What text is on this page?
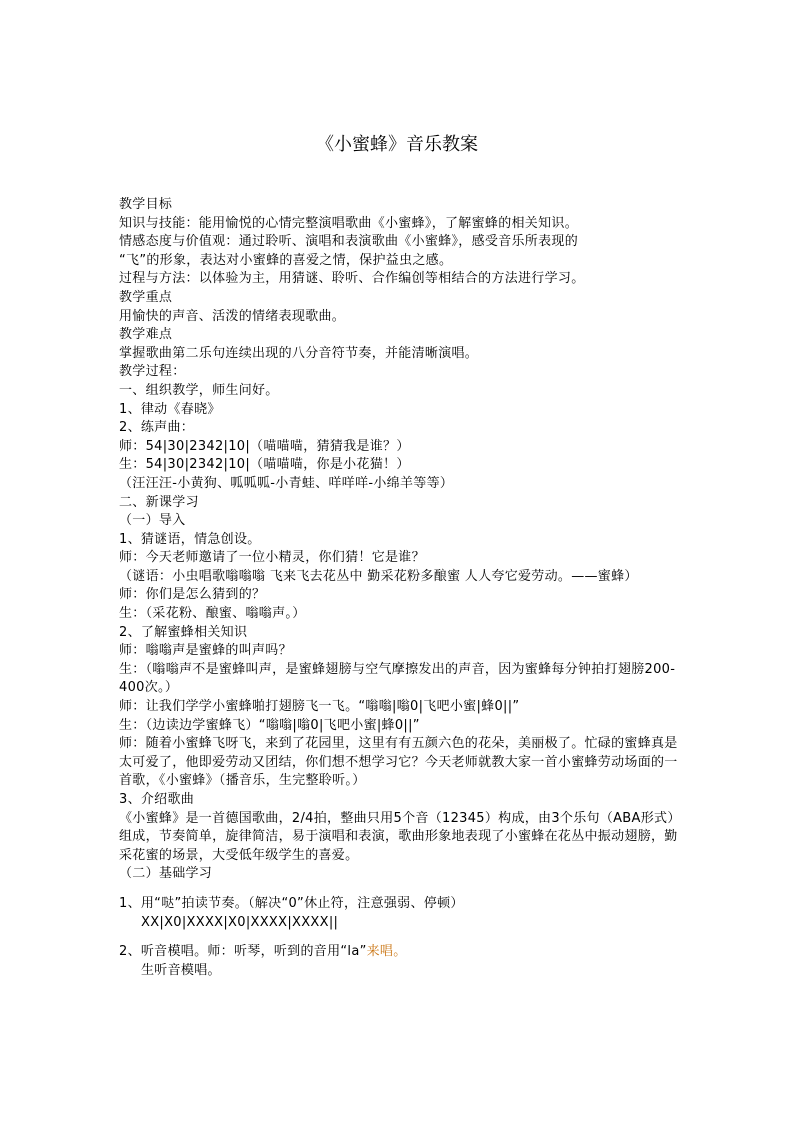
《小蜜蜂》音乐教案
教学目标
知识与技能：能用愉悦的心情完整演唱歌曲《小蜜蜂》，了解蜜蜂的相关知识。
情感态度与价值观：通过聆听、演唱和表演歌曲《小蜜蜂》，感受音乐所表现的
“飞”的形象，表达对小蜜蜂的喜爱之情，保护益虫之感。
过程与方法：以体验为主，用猜谜、聆听、合作编创等相结合的方法进行学习。
教学重点
用愉快的声音、活泼的情绪表现歌曲。
教学难点
掌握歌曲第二乐句连续出现的八分音符节奏，并能清晰演唱。
教学过程：
一、组织教学，师生问好。
1、律动《春晓》
2、练声曲：
师：54|30|2342|10|（喵喵喵，猜猜我是谁？）
生：54|30|2342|10|（喵喵喵，你是小花猫！）
（汪汪汪-小黄狗、呱呱呱-小青蛙、咩咩咩-小绵羊等等）
二、新课学习
（一）导入
1、猜谜语，情急创设。
师：今天老师邀请了一位小精灵，你们猜！它是谁？
（谜语：小虫唱歌嗡嗡嗡 飞来飞去花丛中 勤采花粉多酿蜜 人人夸它爱劳动。——蜜蜂）
师：你们是怎么猜到的？
生：（采花粉、酿蜜、嗡嗡声。）
2、了解蜜蜂相关知识
师：嗡嗡声是蜜蜂的叫声吗？
生：（嗡嗡声不是蜜蜂叫声，是蜜蜂翅膀与空气摩擦发出的声音，因为蜜蜂每分钟拍打翅膀200-400次。）
师：让我们学学小蜜蜂啪打翅膀飞一飞。“嗡嗡|嗡0|飞吧小蜜|蜂0||”
生：（边读边学蜜蜂飞）“嗡嗡|嗡0|飞吧小蜜|蜂0||”
师：随着小蜜蜂飞呀飞，来到了花园里，这里有有五颜六色的花朵，美丽极了。忙碌的蜜蜂真是太可爱了，他即爱劳动又团结，你们想不想学习它？今天老师就教大家一首小蜜蜂劳动场面的一首歌，《小蜜蜂》（播音乐，生完整聆听。）
3、介绍歌曲
《小蜜蜂》是一首德国歌曲，2/4拍，整曲只用5个音（12345）构成，由3个乐句（ABA形式）组成，节奏简单，旋律简洁，易于演唱和表演，歌曲形象地表现了小蜜蜂在花丛中振动翅膀，勤采花蜜的场景，大受低年级学生的喜爱。
（二）基础学习
1、用“哒”拍读节奏。（解决“0”休止符，注意强弱、停顿）
XX|X0|XXXX|X0|XXXX|XXXX||
2、听音模唱。师：听琴，听到的音用“la”来唱。
生听音模唱。
